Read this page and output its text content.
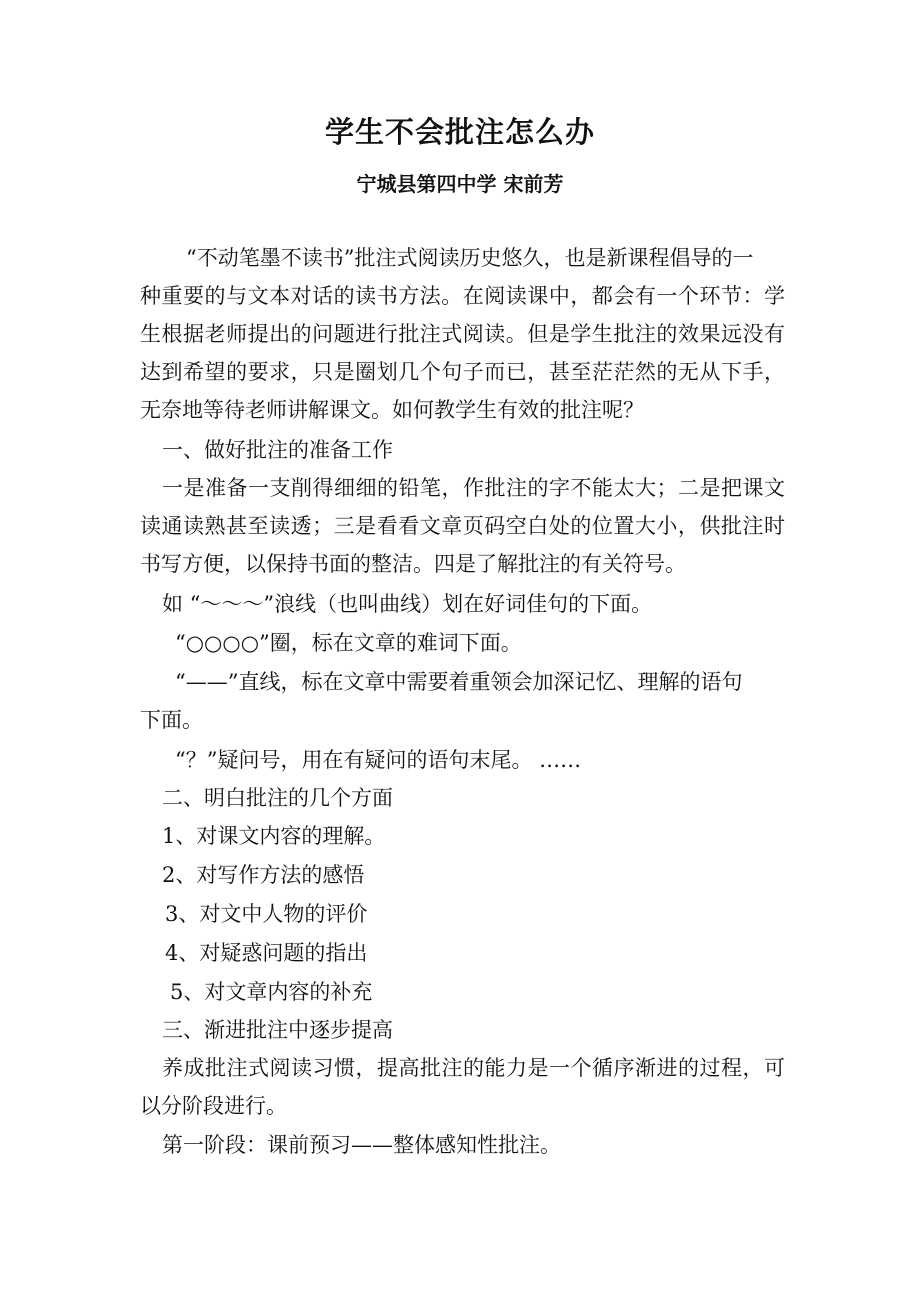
学生不会批注怎么办
宁城县第四中学 宋前芳
“不动笔墨不读书”批注式阅读历史悠久，也是新课程倡导的一
种重要的与文本对话的读书方法。在阅读课中，都会有一个环节：学
生根据老师提出的问题进行批注式阅读。但是学生批注的效果远没有
达到希望的要求，只是圈划几个句子而已，甚至茫茫然的无从下手，
无奈地等待老师讲解课文。如何教学生有效的批注呢？
一、做好批注的准备工作
一是准备一支削得细细的铅笔，作批注的字不能太大；二是把课文
读通读熟甚至读透；三是看看文章页码空白处的位置大小，供批注时
书写方便，以保持书面的整洁。四是了解批注的有关符号。
如 “～～～”浪线（也叫曲线）划在好词佳句的下面。
“○○○○”圈，标在文章的难词下面。
“——”直线，标在文章中需要着重领会加深记忆、理解的语句
下面。
“？”疑问号，用在有疑问的语句末尾。 ……
二、明白批注的几个方面
1、对课文内容的理解。
2、对写作方法的感悟
3、对文中人物的评价
4、对疑惑问题的指出
5、对文章内容的补充
三、渐进批注中逐步提高
养成批注式阅读习惯，提高批注的能力是一个循序渐进的过程，可
以分阶段进行。
第一阶段：课前预习——整体感知性批注。
